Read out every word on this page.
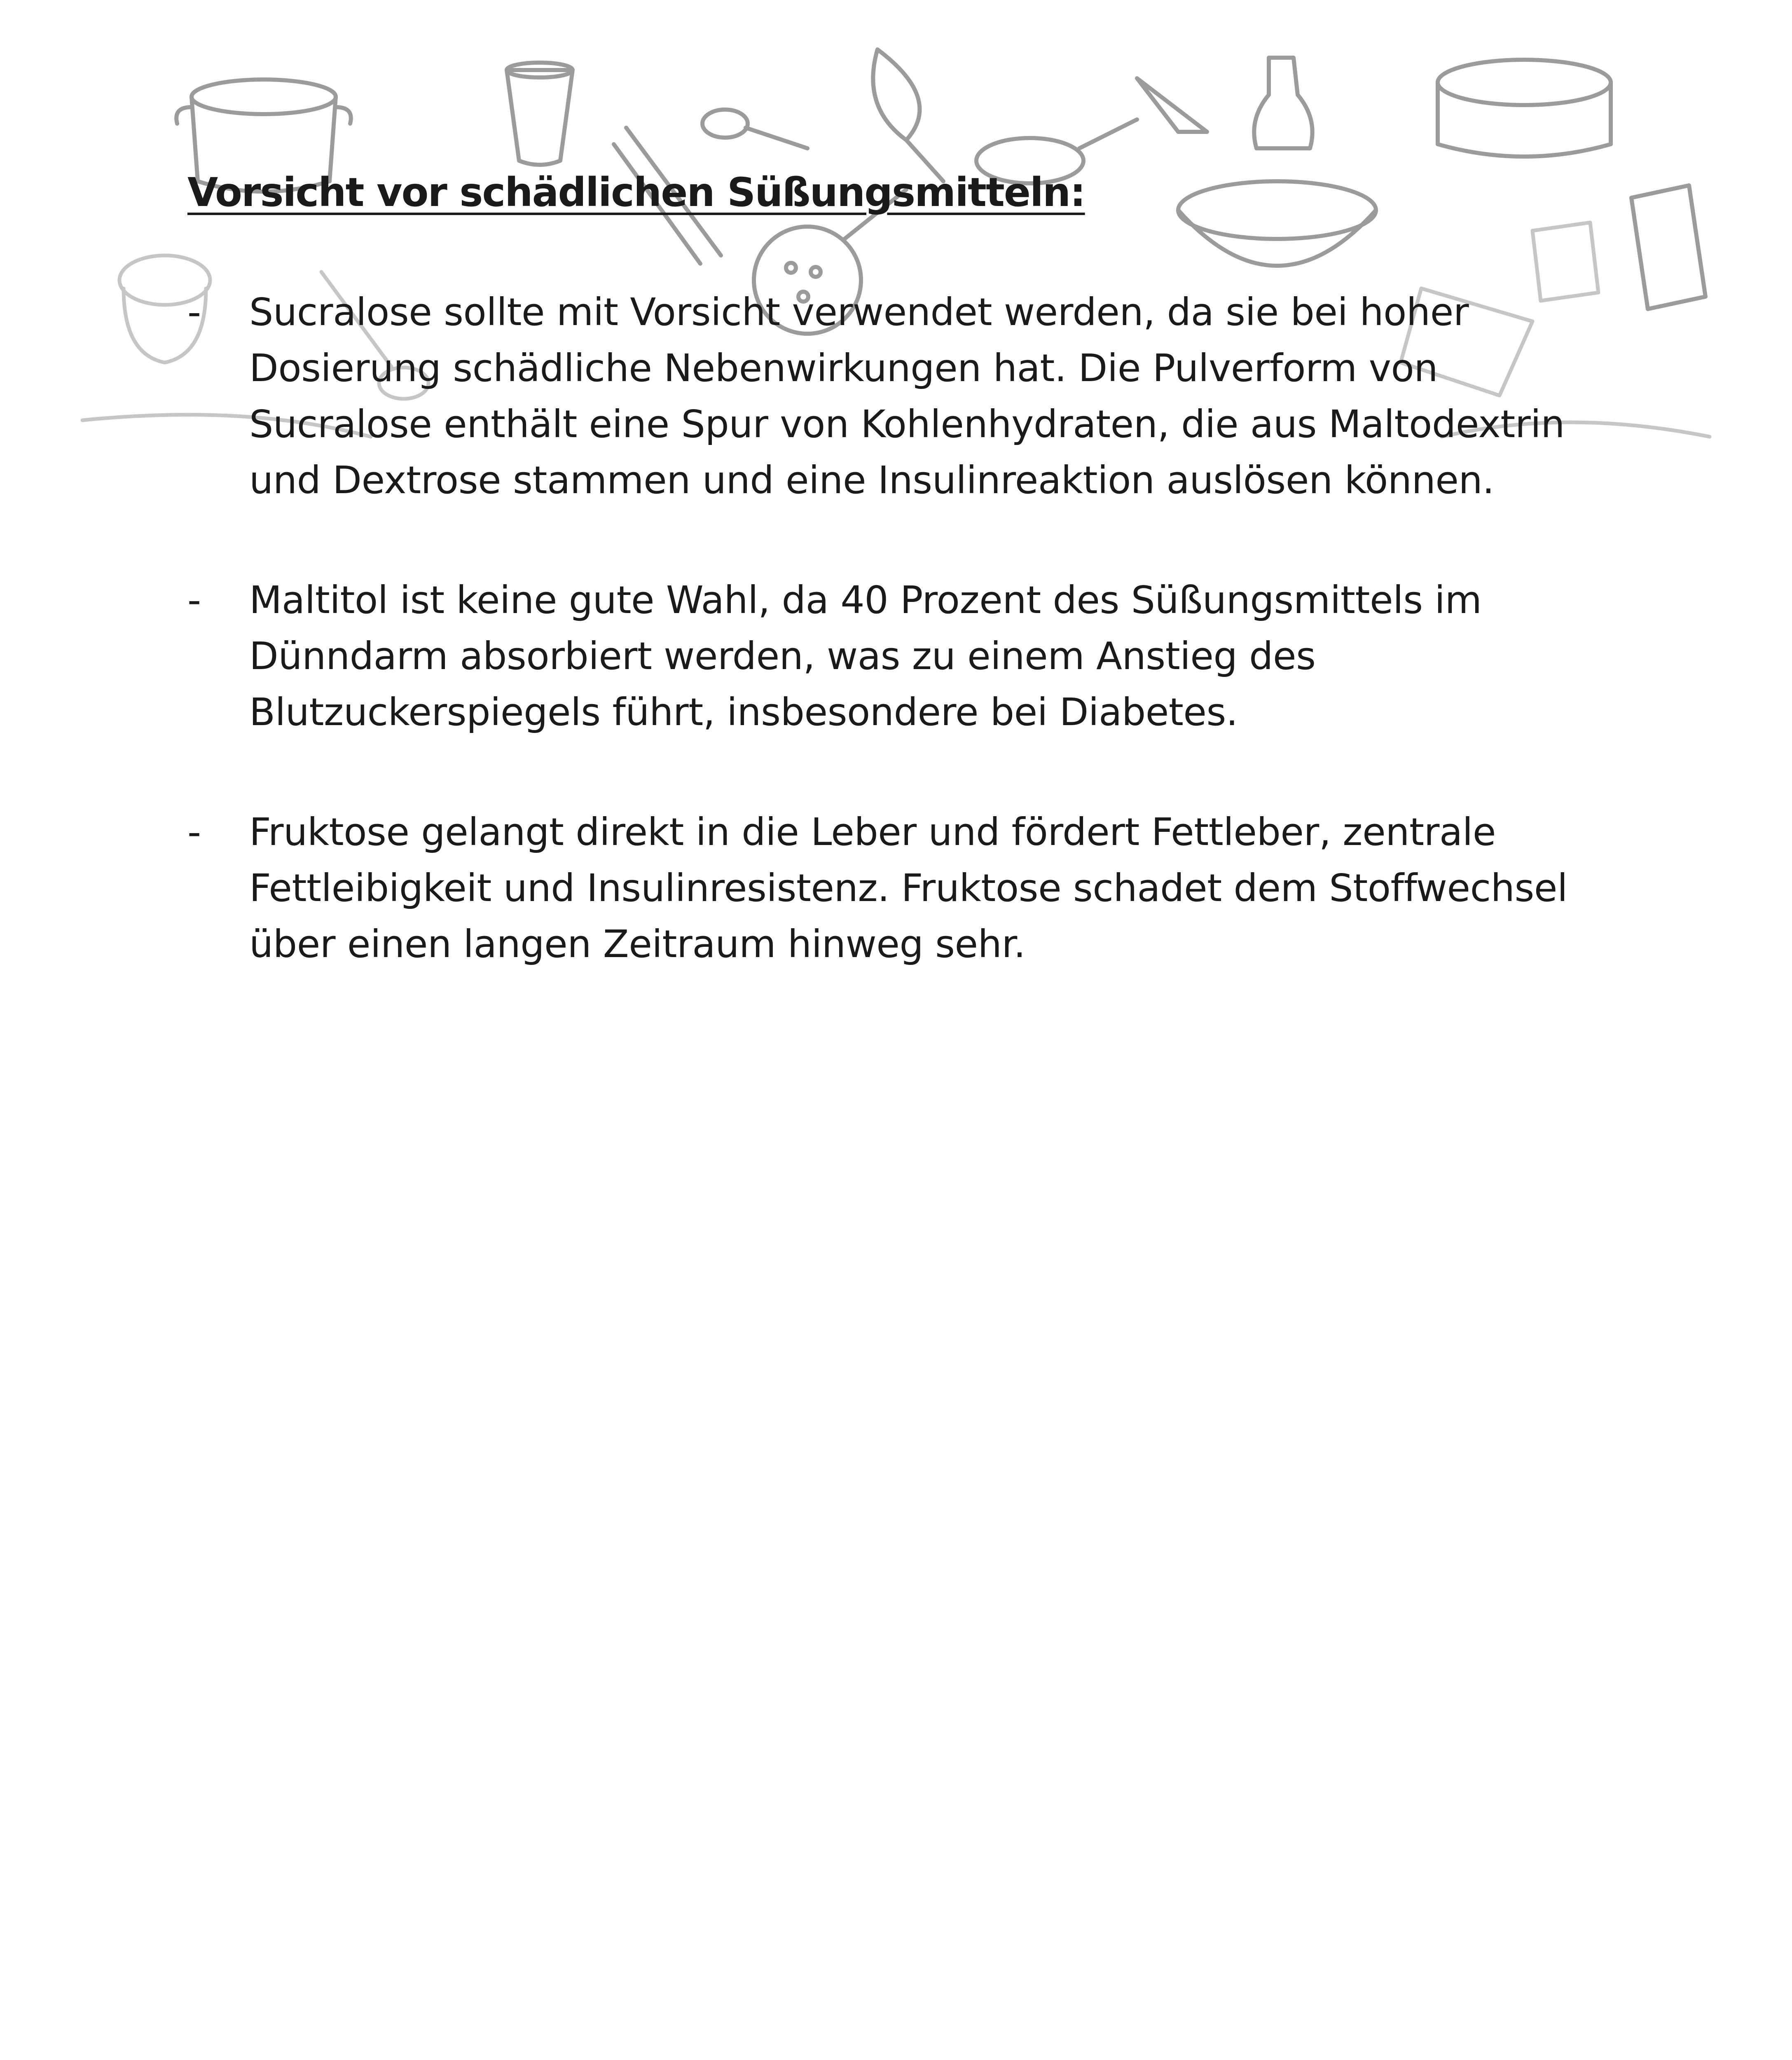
Vorsicht vor schädlichen Süßungsmitteln:
- Sucralose sollte mit Vorsicht verwendet werden, da sie bei hoher Dosierung schädliche Nebenwirkungen hat. Die Pulverform von Sucralose enthält eine Spur von Kohlenhydraten, die aus Maltodextrin und Dextrose stammen und eine Insulinreaktion auslösen können.
- Maltitol ist keine gute Wahl, da 40 Prozent des Süßungsmittels im Dünndarm absorbiert werden, was zu einem Anstieg des Blutzuckerspiegels führt, insbesondere bei Diabetes.
- Fruktose gelangt direkt in die Leber und fördert Fettleber, zentrale Fettleibigkeit und Insulinresistenz. Fruktose schadet dem Stoffwechsel über einen langen Zeitraum hinweg sehr.
